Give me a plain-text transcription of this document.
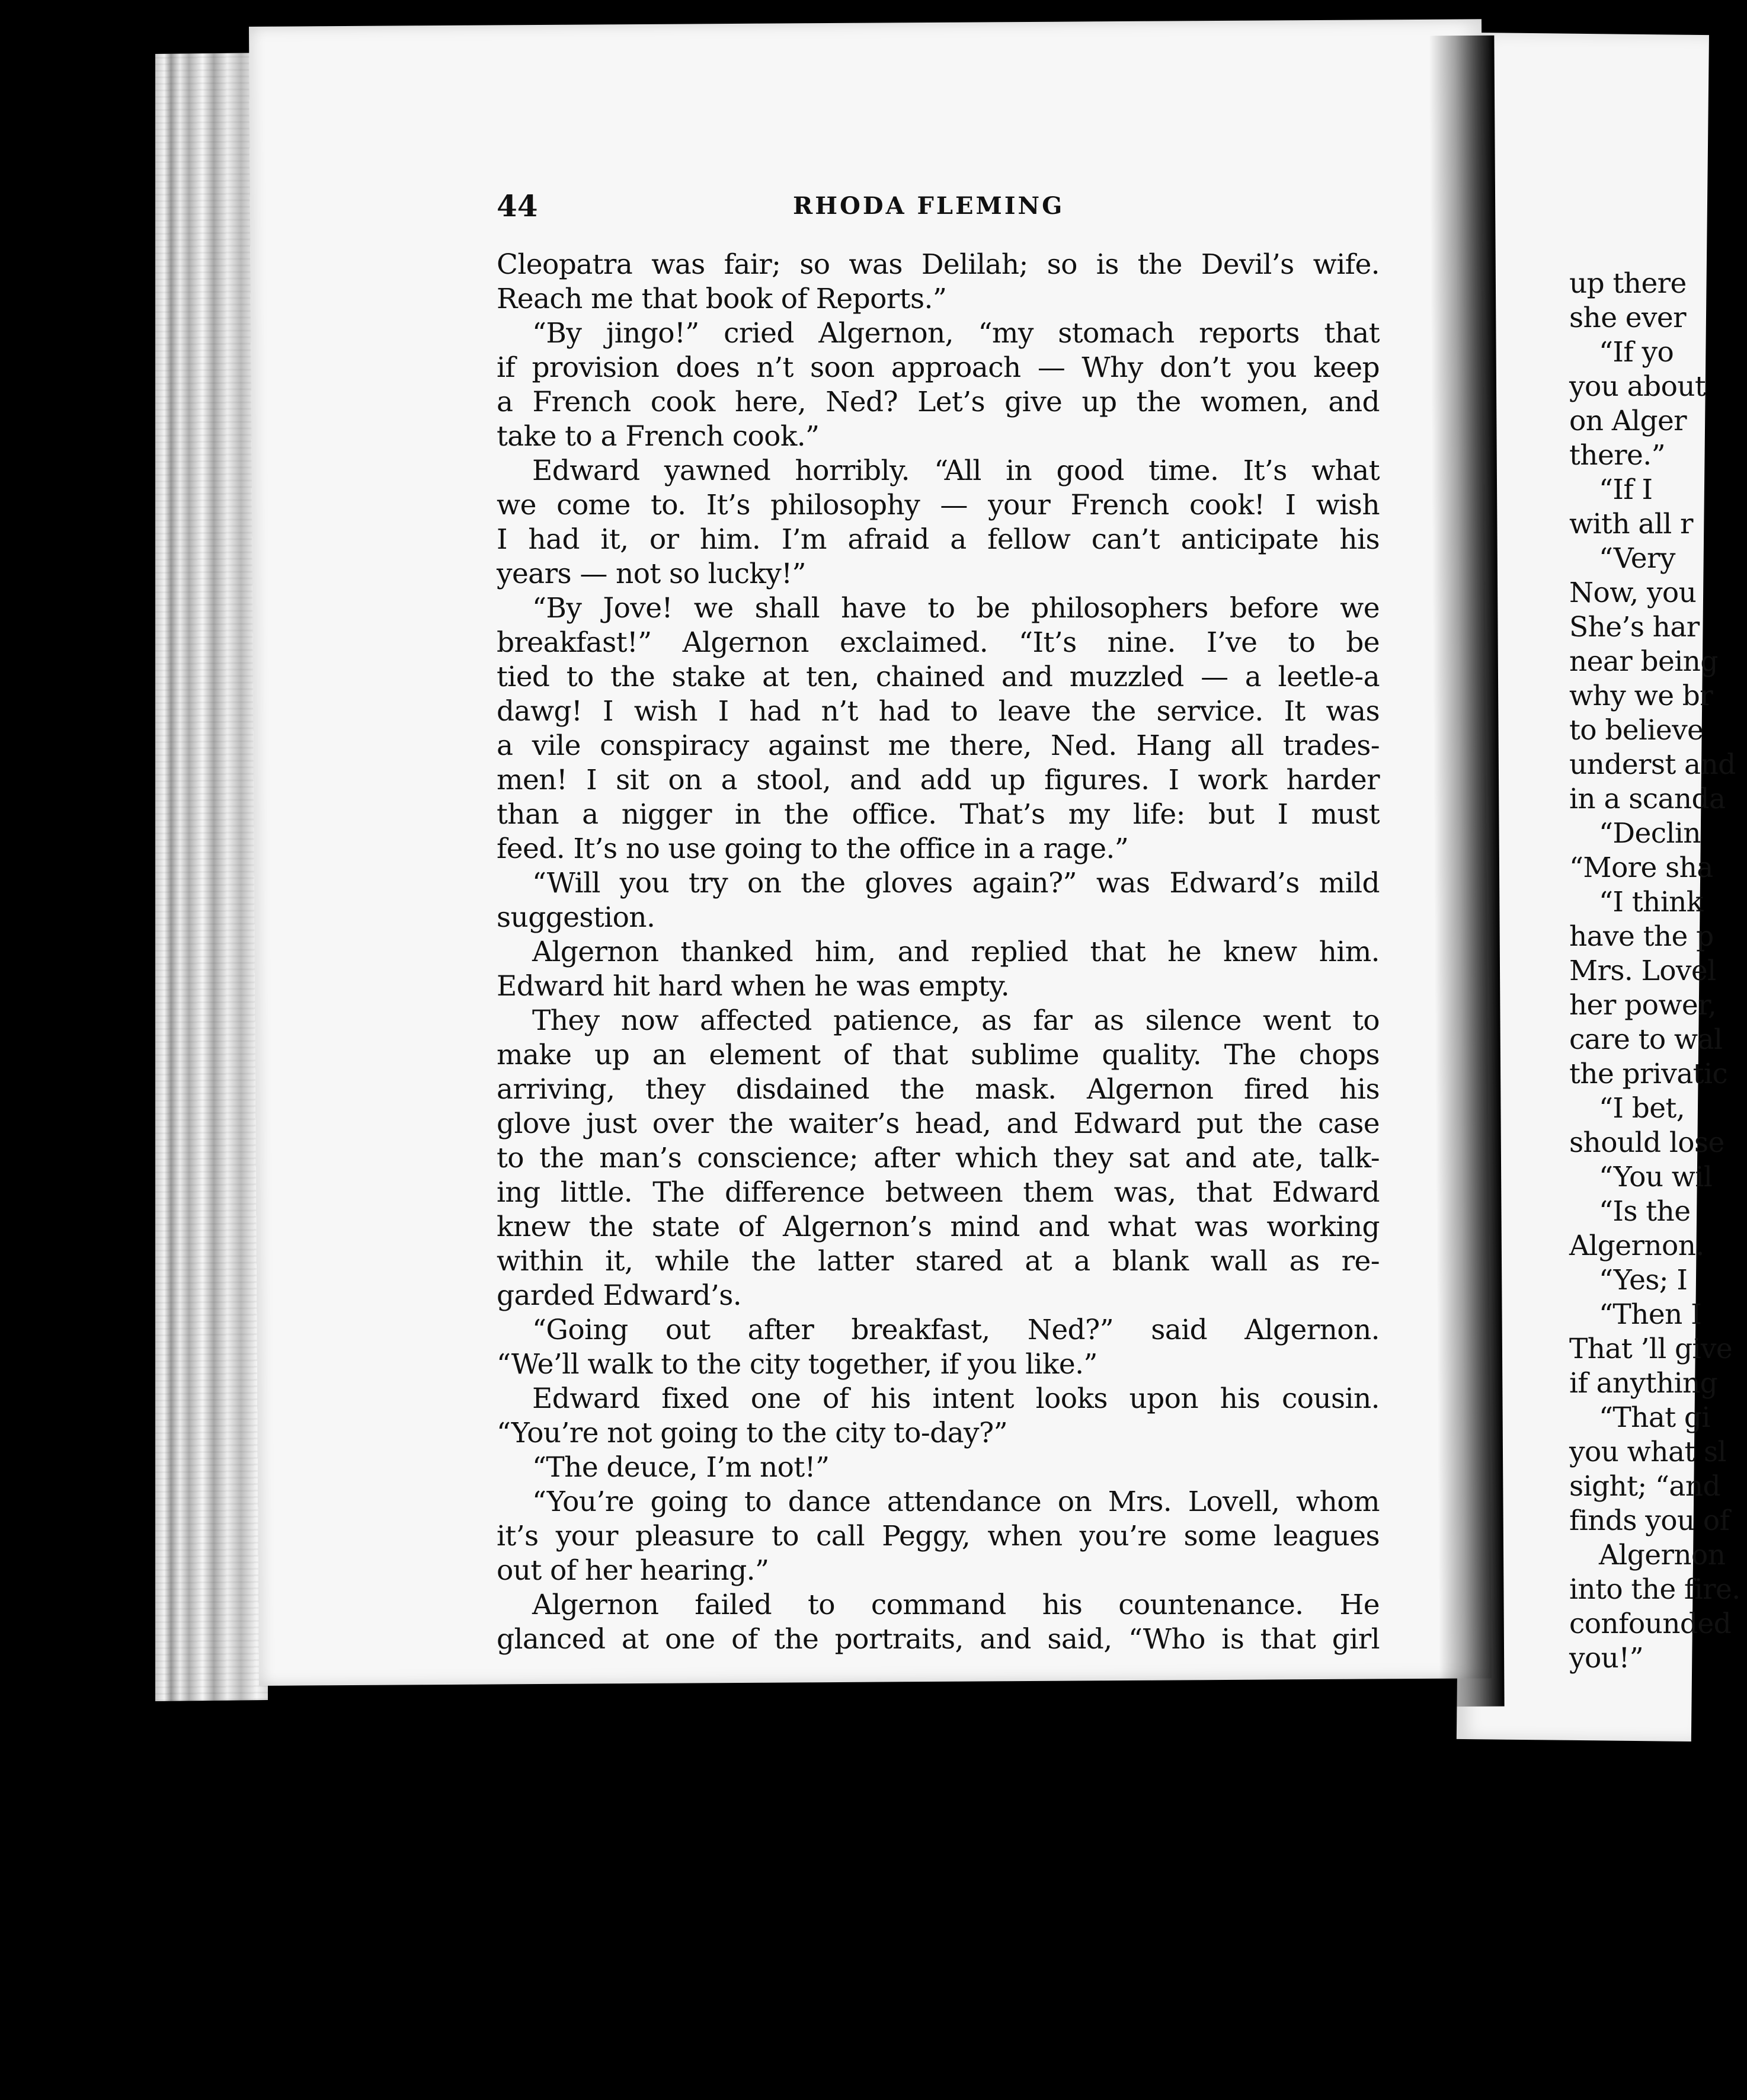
44	RHODA FLEMING
Cleopatra was fair; so was Delilah; so is the Devil’s wife.
Reach me that book of Reports.”
“By jingo!” cried Algernon, “my stomach reports that
if provision does n’t soon approach — Why don’t you keep
a French cook here, Ned? Let’s give up the women, and
take to a French cook.”
Edward yawned horribly. “All in good time. It’s what
we come to. It’s philosophy — your French cook! I wish
I had it, or him. I’m afraid a fellow can’t anticipate his
years — not so lucky!”
“By Jove! we shall have to be philosophers before we
breakfast!” Algernon exclaimed. “It’s nine. I’ve to be
tied to the stake at ten, chained and muzzled — a leetle-a
dawg! I wish I had n’t had to leave the service. It was
a vile conspiracy against me there, Ned. Hang all trades-
men! I sit on a stool, and add up figures. I work harder
than a nigger in the office. That’s my life: but I must
feed. It’s no use going to the office in a rage.”
“Will you try on the gloves again?” was Edward’s mild
suggestion.
Algernon thanked him, and replied that he knew him.
Edward hit hard when he was empty.
They now affected patience, as far as silence went to
make up an element of that sublime quality. The chops
arriving, they disdained the mask. Algernon fired his
glove just over the waiter’s head, and Edward put the case
to the man’s conscience; after which they sat and ate, talk-
ing little. The difference between them was, that Edward
knew the state of Algernon’s mind and what was working
within it, while the latter stared at a blank wall as re-
garded Edward’s.
“Going out after breakfast, Ned?” said Algernon.
“We’ll walk to the city together, if you like.”
Edward fixed one of his intent looks upon his cousin.
“You’re not going to the city to-day?”
“The deuce, I’m not!”
“You’re going to dance attendance on Mrs. Lovell, whom
it’s your pleasure to call Peggy, when you’re some leagues
out of her hearing.”
Algernon failed to command his countenance. He
glanced at one of the portraits, and said, “Who is that girl
up there
she ever
“If yo
you about
on Alger
there.”
“If I
with all r
“Very
Now, you
She’s har
near being
why we br
to believe
underst and
in a scanda
“Declin
“More sha
“I think
have the p
Mrs. Lovel
her power,
care to wal
the privatic
“I bet,
should lose
“You wil
“Is the
Algernon.
“Yes; I
“Then I
That ’ll give
if anything
“That gi
you what sl
sight; “and
finds you of
Algernon
into the fire.
confounded
you!”
